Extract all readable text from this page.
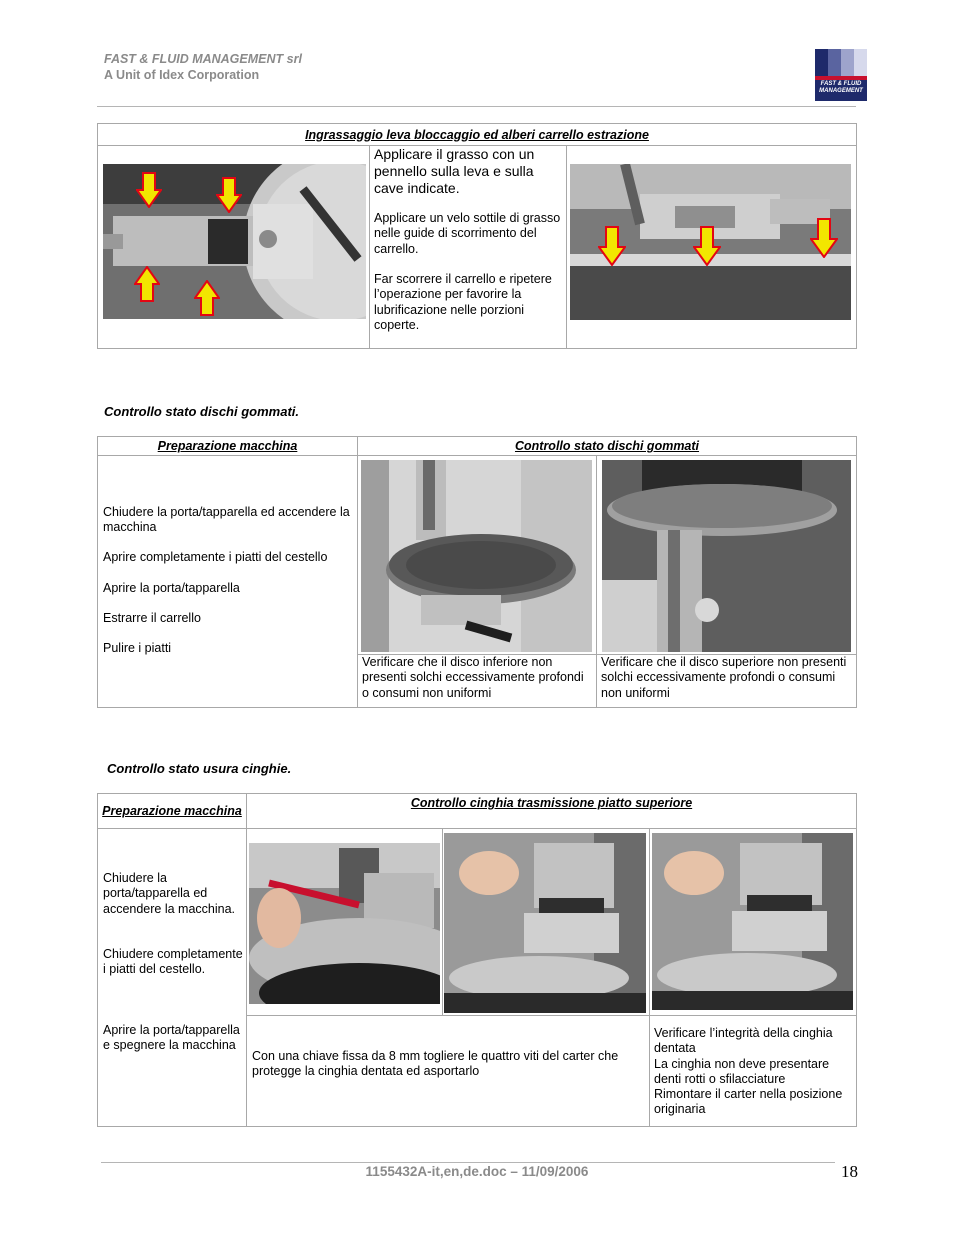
FAST & FLUID MANAGEMENT srl
A Unit of Idex Corporation
FAST & FLUID MANAGEMENT
Ingrassaggio leva bloccaggio ed alberi carrello estrazione

Applicare il grasso con un pennello sulla leva e sulla cave indicate.
Applicare un velo sottile di grasso nelle guide di scorrimento del carrello.
Far scorrere il carrello e ripetere l’operazione per favorire la lubrificazione nelle porzioni coperte.
Controllo stato dischi gommati.
Preparazione macchina	Controllo stato dischi gommati	

Chiudere la porta/tapparella ed accendere la macchina
Aprire completamente i piatti del cestello
Aprire la porta/tapparella
Estrarre il carrello
Pulire i piatti
Verificare che il disco inferiore non presenti solchi eccessivamente profondi o consumi non uniformi
Verificare che il disco superiore non presenti solchi eccessivamente profondi o consumi non uniformi
Controllo stato usura cinghie.
Preparazione macchina	Controllo cinghia trasmissione piatto superiore		

Chiudere la porta/tapparella ed accendere la macchina.
Chiudere completamente i piatti del cestello.
Aprire la porta/tapparella e spegnere la macchina
Con una chiave fissa da 8 mm togliere le quattro viti del carter che protegge la cinghia dentata ed asportarlo
Verificare l’integrità della cinghia dentata
La cinghia non deve presentare denti rotti o sfilacciature
Rimontare il carter nella posizione originaria
1155432A-it,en,de.doc – 11/09/2006	18
